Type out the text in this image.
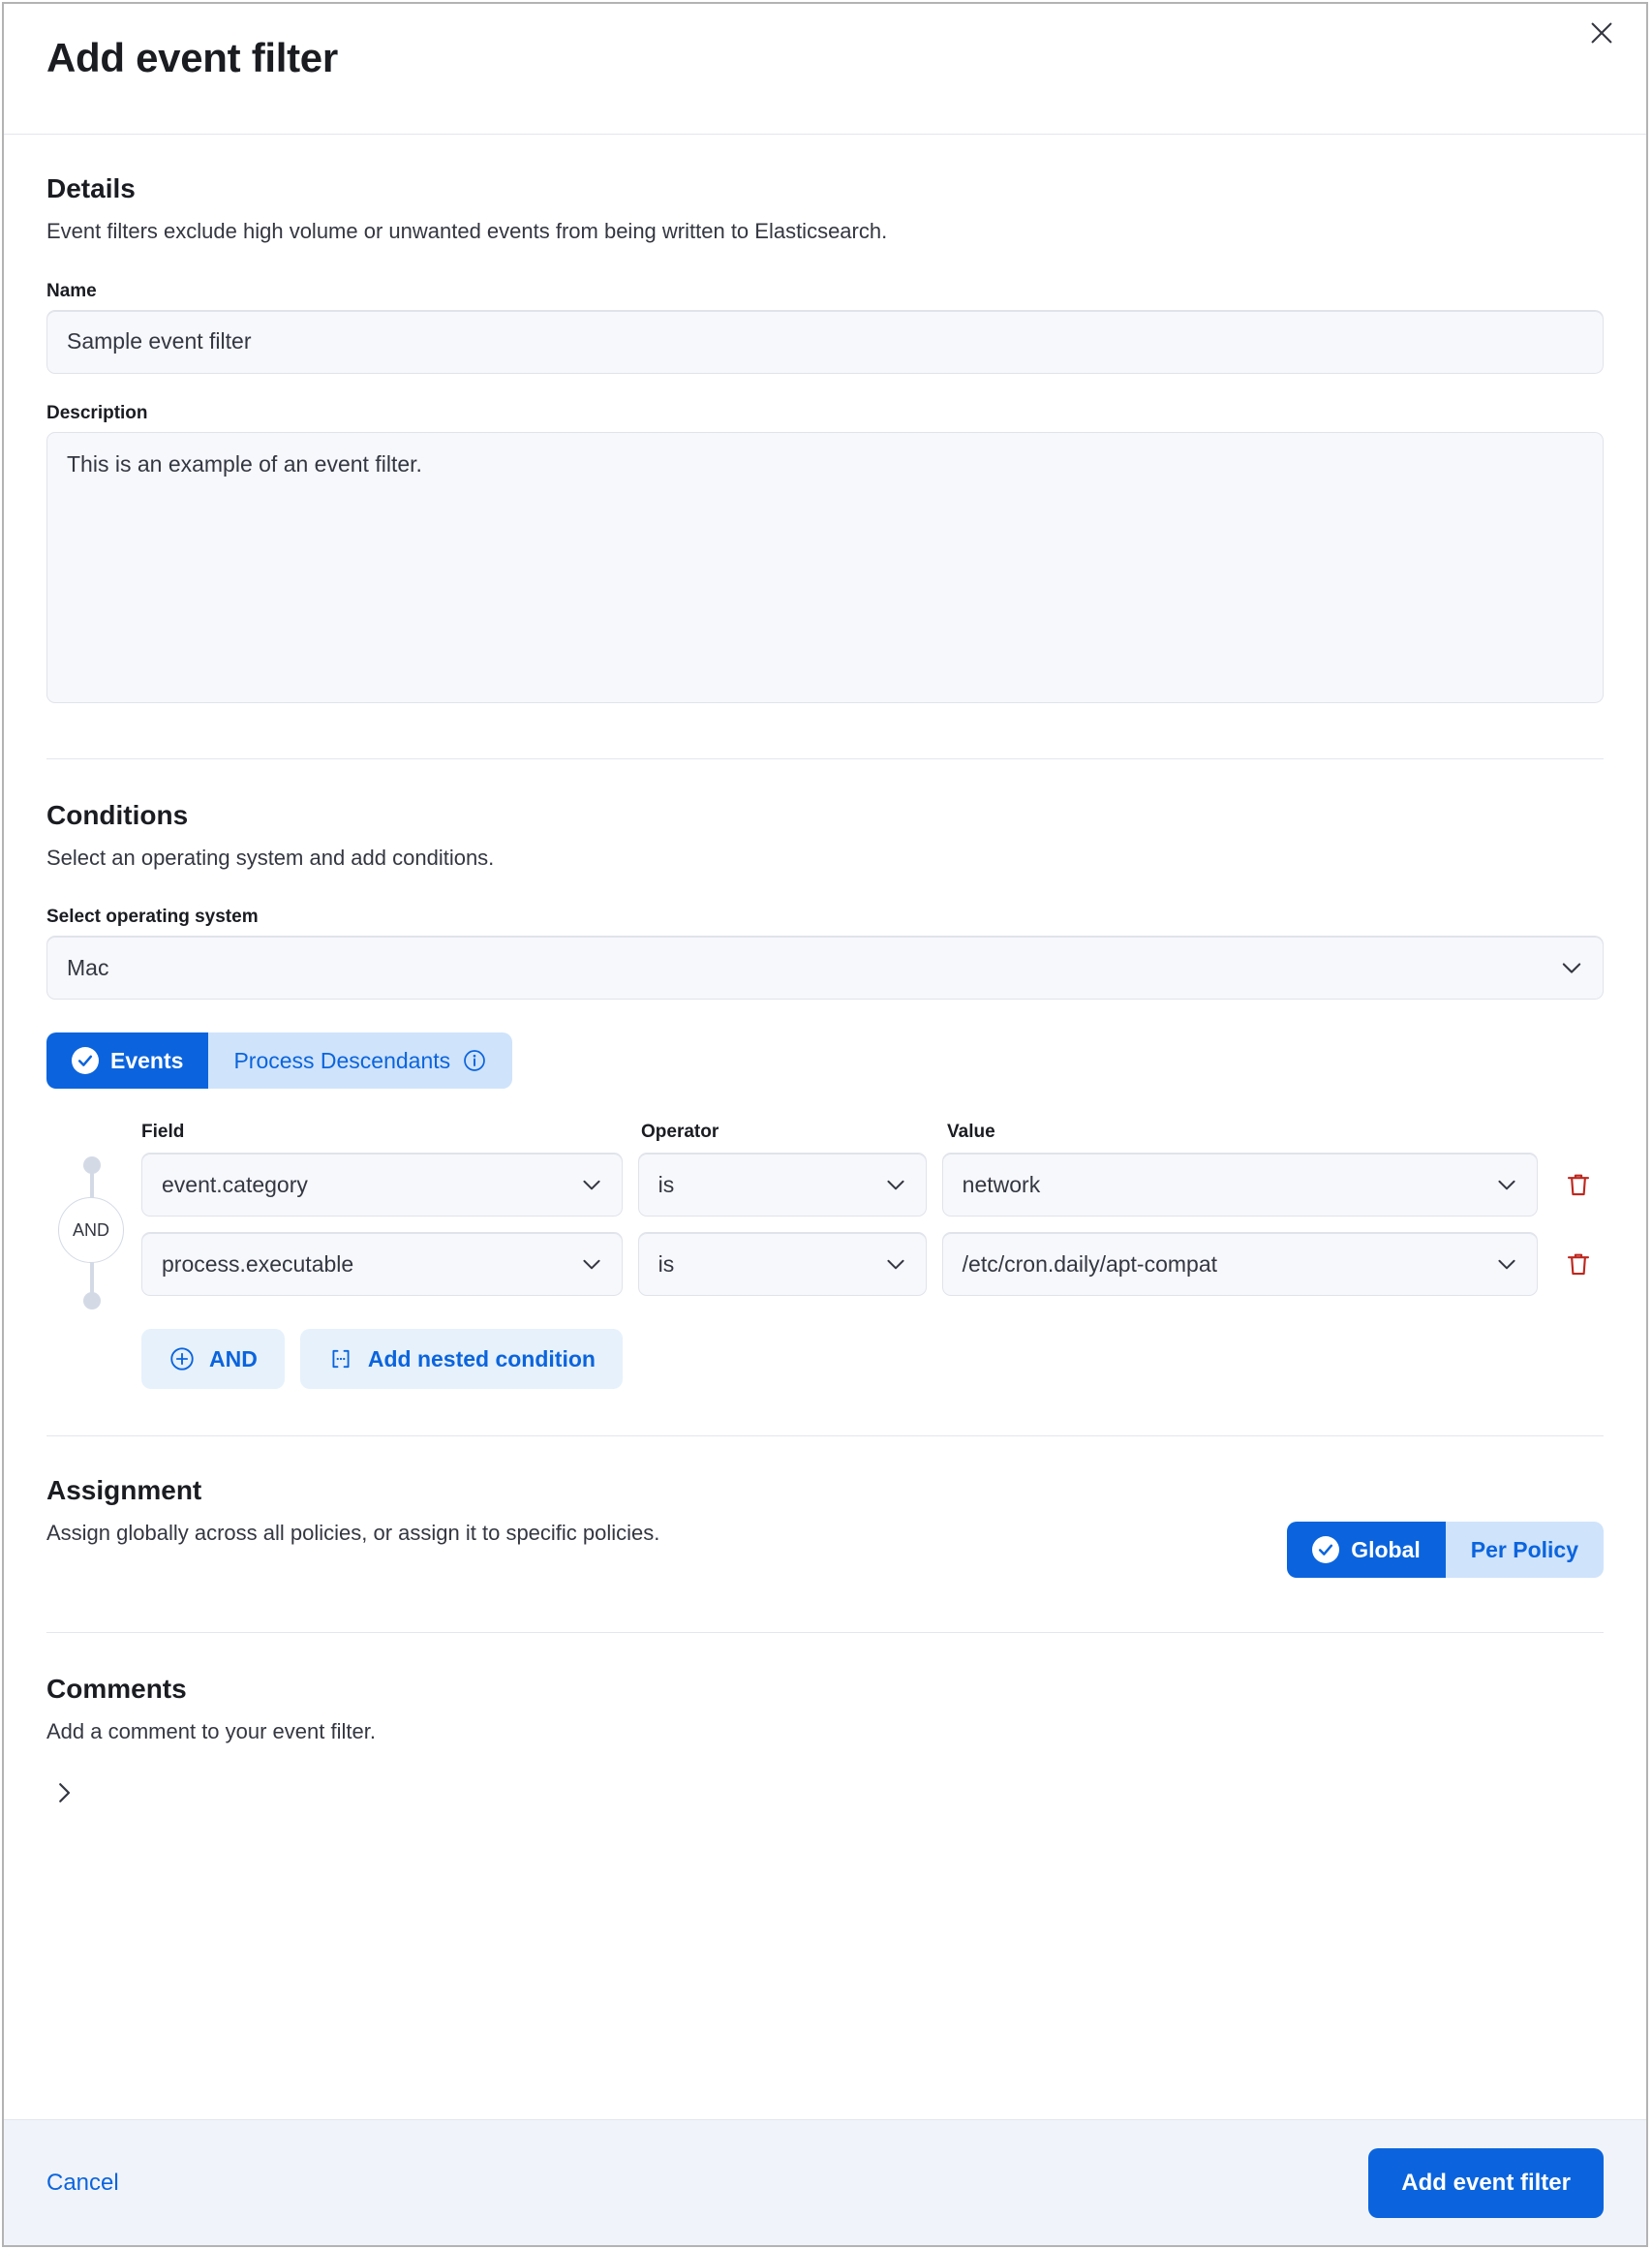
Add event filter
Details
Event filters exclude high volume or unwanted events from being written to Elasticsearch.
Name
Sample event filter
Description
This is an example of an event filter.
Conditions
Select an operating system and add conditions.
Select operating system
Mac
Events Process Descendants
AND
Field	Operator	Value
event.category	is	network
process.executable	is	/etc/cron.daily/apt-compat
AND	Add nested condition
Assignment
Assign globally across all policies, or assign it to specific policies.
Global Per Policy
Comments
Add a comment to your event filter.
Cancel	Add event filter
